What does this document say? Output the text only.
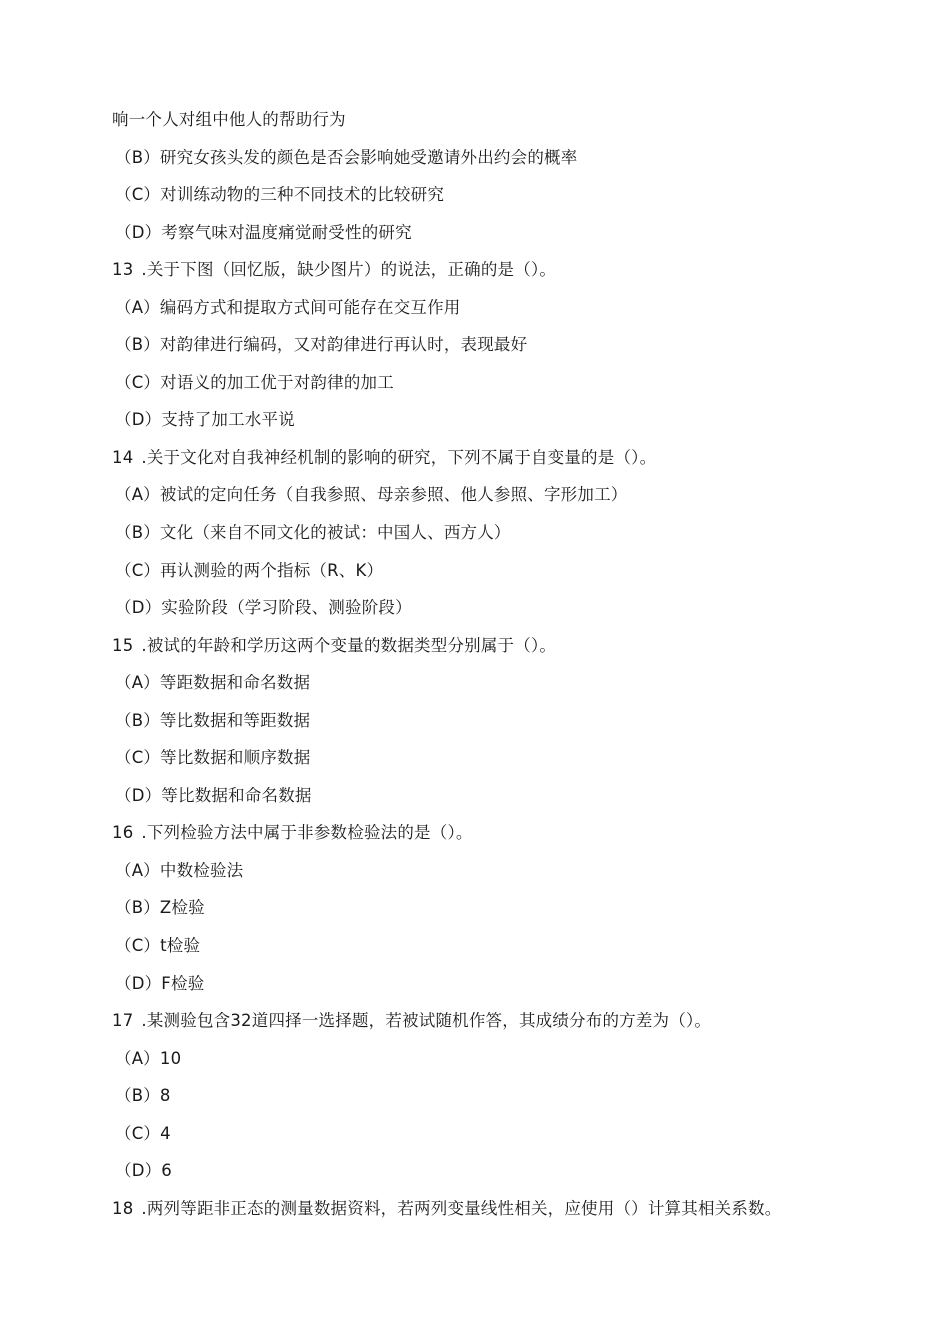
响一个人对组中他人的帮助行为
（B）研究女孩头发的颜色是否会影响她受邀请外出约会的概率
（C）对训练动物的三种不同技术的比较研究
（D）考察气味对温度痛觉耐受性的研究
13 .关于下图（回忆版，缺少图片）的说法，正确的是（）。
（A）编码方式和提取方式间可能存在交互作用
（B）对韵律进行编码，又对韵律进行再认时，表现最好
（C）对语义的加工优于对韵律的加工
（D）支持了加工水平说
14 .关于文化对自我神经机制的影响的研究，下列不属于自变量的是（）。
（A）被试的定向任务（自我参照、母亲参照、他人参照、字形加工）
（B）文化（来自不同文化的被试：中国人、西方人）
（C）再认测验的两个指标（R、K）
（D）实验阶段（学习阶段、测验阶段）
15 .被试的年龄和学历这两个变量的数据类型分别属于（）。
（A）等距数据和命名数据
（B）等比数据和等距数据
（C）等比数据和顺序数据
（D）等比数据和命名数据
16 .下列检验方法中属于非参数检验法的是（）。
（A）中数检验法
（B）Z检验
（C）t检验
（D）F检验
17 .某测验包含32道四择一选择题，若被试随机作答，其成绩分布的方差为（）。
（A）10
（B）8
（C）4
（D）6
18 .两列等距非正态的测量数据资料，若两列变量线性相关，应使用（）计算其相关系数。
